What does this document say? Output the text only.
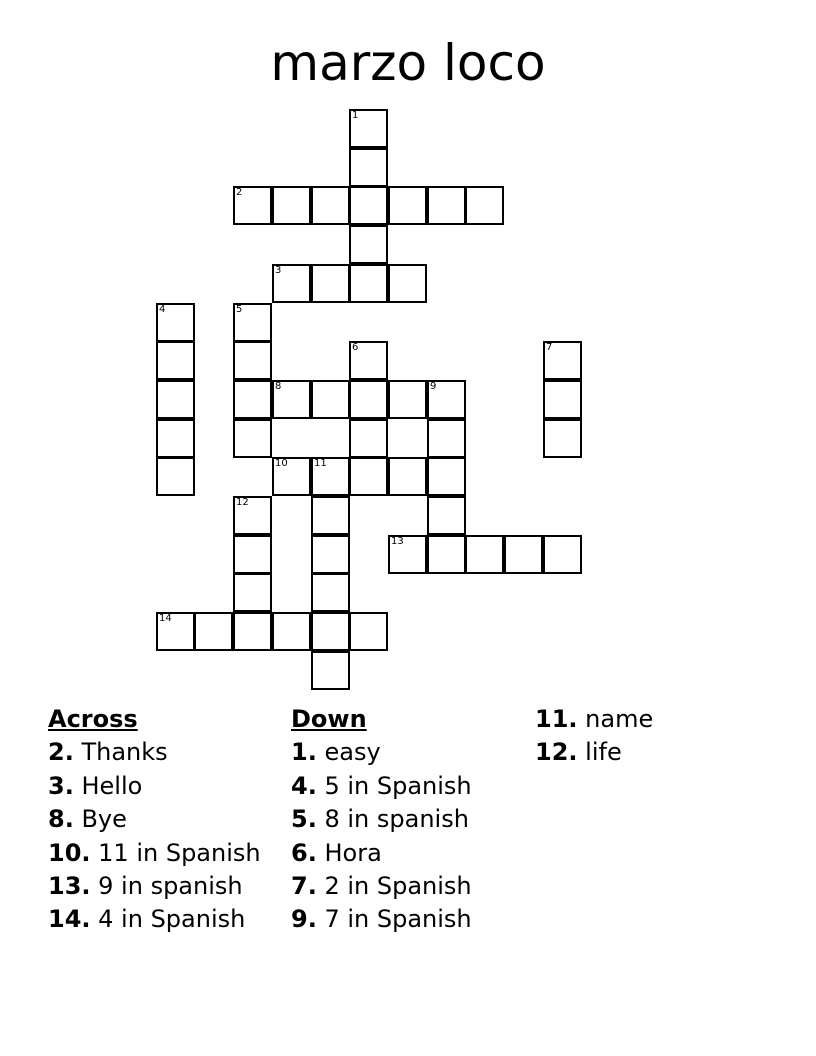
marzo loco
1
2
3
4	5
6	7
8	9
10	11
12
13
14
Across
2. Thanks
3. Hello
8. Bye
10. 11 in Spanish
13. 9 in spanish
14. 4 in Spanish
Down
1. easy
4. 5 in Spanish
5. 8 in spanish
6. Hora
7. 2 in Spanish
9. 7 in Spanish
11. name
12. life
